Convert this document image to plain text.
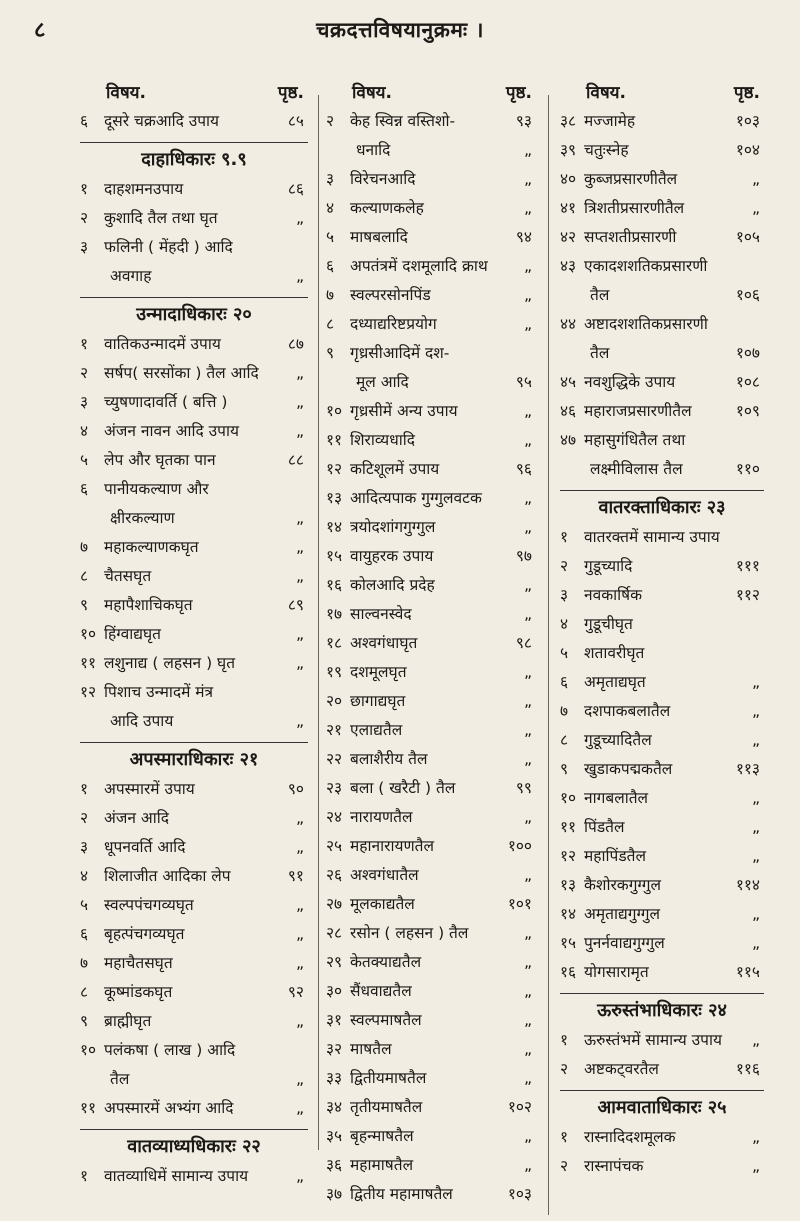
८	चक्रदत्तविषयानुक्रमः ।
विषय.	पृष्ठ.
६	दूसरे चक्रआदि उपाय	८५
दाहाधिकारः ९.९
१	दाहशमनउपाय	८६
२	कुशादि तैल तथा घृत	„
३	फलिनी ( मेंहदी ) आदि
अवगाह	„
उन्मादाधिकारः २०
१	वातिकउन्मादमें उपाय	८७
२	सर्षप( सरसोंका ) तैल आदि „
३	च्युषणादावर्ति ( बत्ति )	„
४	अंजन नावन आदि उपाय	„
५	लेप और घृतका पान	८८
६	पानीयकल्याण और
क्षीरकल्याण	„
७	महाकल्याणकघृत	„
८	चैतसघृत	„
९	महापैशाचिकघृत	८९
१० हिंग्वाद्यघृत	„
११ लशुनाद्य ( लहसन ) घृत	„
१२ पिशाच उन्मादमें मंत्र
आदि उपाय	„
अपस्माराधिकारः २१
१	अपस्मारमें उपाय	९०
२	अंजन आदि	„
३	धूपनवर्ति आदि	„
४	शिलाजीत आदिका लेप	९१
५	स्वल्पपंचगव्यघृत	„
६	बृहत्पंचगव्यघृत	„
७	महाचैतसघृत	„
८	कूष्मांडकघृत	९२
९	ब्राह्मीघृत	„
१० पलंकषा ( लाख ) आदि
तैल	„
११ अपस्मारमें अभ्यंग आदि	„
वातव्याध्यधिकारः २२
१	वातव्याधिमें सामान्य उपाय	„
विषय.	पृष्ठ.
२	केह स्विन्न वस्तिशो-	९३
धनादि	„
३	विरेचनआदि	„
४	कल्याणकलेह	„
५	माषबलादि	९४
६	अपतंत्रमें दशमूलादि क्राथ „
७	स्वल्परसोनपिंड	„
८	दध्याद्यरिष्टप्रयोग	„
९	गृध्रसीआदिमें दश-
मूल आदि	९५
१० गृध्रसीमें अन्य उपाय	„
११ शिराव्यधादि	„
१२ कटिशूलमें उपाय	९६
१३ आदित्यपाक गुग्गुलवटक	„
१४ त्रयोदशांगगुग्गुल	„
१५ वायुहरक उपाय	९७
१६ कोलआदि प्रदेह	„
१७ साल्वनस्वेद	„
१८ अश्वगंधाघृत	९८
१९ दशमूलघृत	„
२० छागाद्यघृत	„
२१ एलाद्यतैल	„
२२ बलाशैरीय तैल	„
२३ बला ( खरैटी ) तैल	९९
२४ नारायणतैल	„
२५ महानारायणतैल	१००
२६ अश्वगंधातैल	„
२७ मूलकाद्यतैल	१०१
२८ रसोन ( लहसन ) तैल	„
२९ केतक्याद्यतैल	„
३० सैंधवाद्यतैल	„
३१ स्वल्पमाषतैल	„
३२ माषतैल	„
३३ द्वितीयमाषतैल	„
३४ तृतीयमाषतैल	१०२
३५ बृहन्माषतैल	„
३६ महामाषतैल	„
३७ द्वितीय महामाषतैल	१०३
विषय.	पृष्ठ.
३८ मज्जामेह	१०३
३९ चतुःस्नेह	१०४
४० कुब्जप्रसारणीतैल	„
४१ त्रिशतीप्रसारणीतैल	„
४२ सप्तशतीप्रसारणी	१०५
४३ एकादशशतिकप्रसारणी
तैल	१०६
४४ अष्टादशशतिकप्रसारणी
तैल	१०७
४५ नवशुद्धिके उपाय	१०८
४६ महाराजप्रसारणीतैल	१०९
४७ महासुगंधितैल तथा
लक्ष्मीविलास तैल	११०
वातरक्ताधिकारः २३
१	वातरक्तमें सामान्य उपाय
२	गुडूच्यादि	१११
३	नवकार्षिक	११२
४	गुडूचीघृत
५	शतावरीघृत
६	अमृताद्यघृत	„
७	दशपाकबलातैल	„
८	गुडूच्यादितैल	„
९	खुडाकपद्मकतैल	११३
१० नागबलातैल	„
११ पिंडतैल	„
१२ महापिंडतैल	„
१३ कैशोरकगुग्गुल	११४
१४ अमृताद्यगुग्गुल	„
१५ पुनर्नवाद्यगुग्गुल	„
१६ योगसारामृत	११५
ऊरुस्तंभाधिकारः २४
१	ऊरुस्तंभमें सामान्य उपाय „
२	अष्टकट्वरतैल	११६
आमवाताधिकारः २५
१	रास्नादिदशमूलक	„
२	रास्नापंचक	„
